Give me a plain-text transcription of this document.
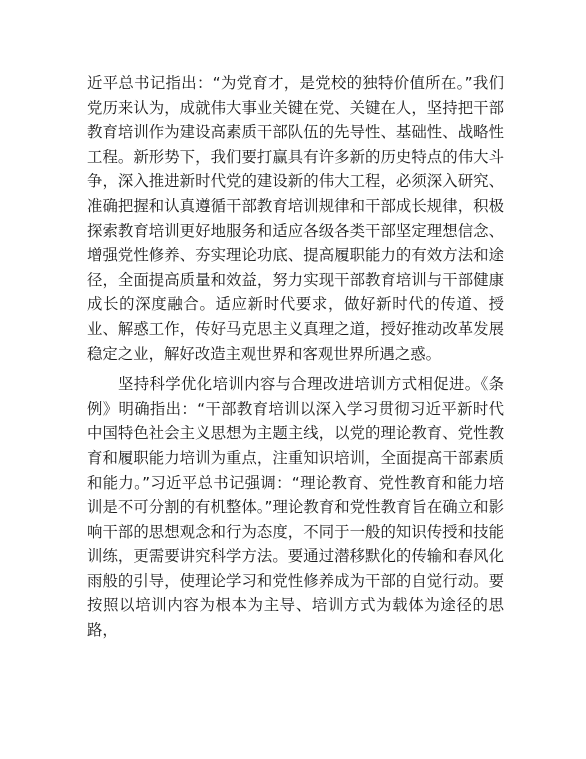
近平总书记指出：“为党育才，是党校的独特价值所在。”我们党历来认为，成就伟大事业关键在党、关键在人，坚持把干部教育培训作为建设高素质干部队伍的先导性、基础性、战略性工程。新形势下，我们要打赢具有许多新的历史特点的伟大斗争，深入推进新时代党的建设新的伟大工程，必须深入研究、准确把握和认真遵循干部教育培训规律和干部成长规律，积极探索教育培训更好地服务和适应各级各类干部坚定理想信念、增强党性修养、夯实理论功底、提高履职能力的有效方法和途径，全面提高质量和效益，努力实现干部教育培训与干部健康成长的深度融合。适应新时代要求，做好新时代的传道、授业、解惑工作，传好马克思主义真理之道，授好推动改革发展稳定之业，解好改造主观世界和客观世界所遇之惑。

坚持科学优化培训内容与合理改进培训方式相促进。《条例》明确指出：“干部教育培训以深入学习贯彻习近平新时代中国特色社会主义思想为主题主线，以党的理论教育、党性教育和履职能力培训为重点，注重知识培训，全面提高干部素质和能力。”习近平总书记强调：“理论教育、党性教育和能力培训是不可分割的有机整体。”理论教育和党性教育旨在确立和影响干部的思想观念和行为态度，不同于一般的知识传授和技能训练，更需要讲究科学方法。要通过潜移默化的传输和春风化雨般的引导，使理论学习和党性修养成为干部的自觉行动。要按照以培训内容为根本为主导、培训方式为载体为途径的思路，
